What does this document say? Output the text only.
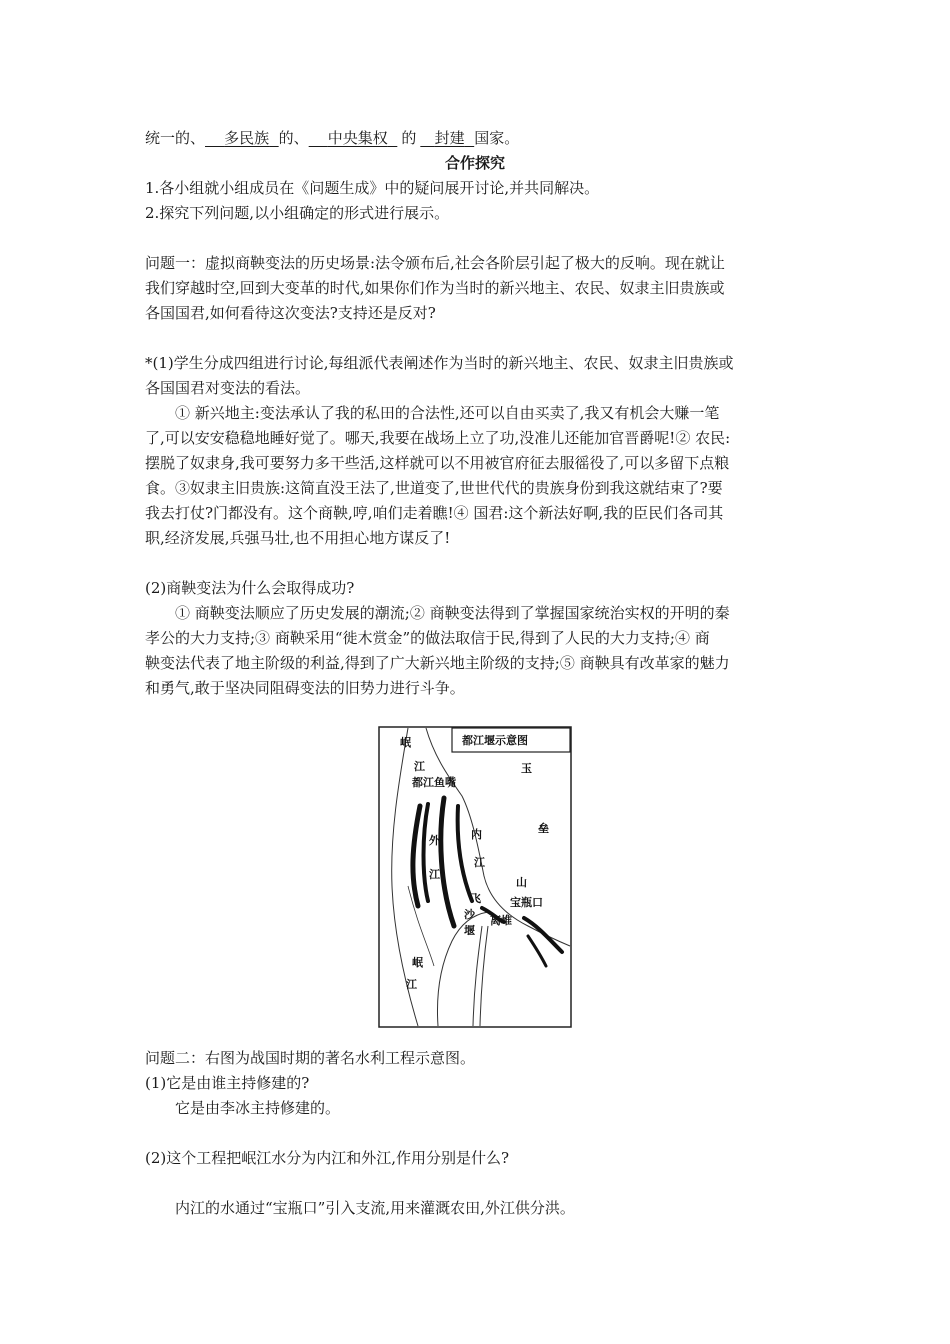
统一的、 多民族 的、 中央集权 的 封建 国家。
合作探究
1.各小组就小组成员在《问题生成》中的疑问展开讨论,并共同解决。
2.探究下列问题,以小组确定的形式进行展示。
问题一：虚拟商鞅变法的历史场景:法令颁布后,社会各阶层引起了极大的反响。现在就让
我们穿越时空,回到大变革的时代,如果你们作为当时的新兴地主、农民、奴隶主旧贵族或
各国国君,如何看待这次变法?支持还是反对?
*(1)学生分成四组进行讨论,每组派代表阐述作为当时的新兴地主、农民、奴隶主旧贵族或
各国国君对变法的看法。
① 新兴地主:变法承认了我的私田的合法性,还可以自由买卖了,我又有机会大赚一笔
了,可以安安稳稳地睡好觉了。哪天,我要在战场上立了功,没准儿还能加官晋爵呢!② 农民:
摆脱了奴隶身,我可要努力多干些活,这样就可以不用被官府征去服徭役了,可以多留下点粮
食。③奴隶主旧贵族:这简直没王法了,世道变了,世世代代的贵族身份到我这就结束了?要
我去打仗?门都没有。这个商鞅,哼,咱们走着瞧!④ 国君:这个新法好啊,我的臣民们各司其
职,经济发展,兵强马壮,也不用担心地方谋反了!
(2)商鞅变法为什么会取得成功?
① 商鞅变法顺应了历史发展的潮流;② 商鞅变法得到了掌握国家统治实权的开明的秦
孝公的大力支持;③ 商鞅采用“徙木赏金”的做法取信于民,得到了人民的大力支持;④ 商
鞅变法代表了地主阶级的利益,得到了广大新兴地主阶级的支持;⑤ 商鞅具有改革家的魅力
和勇气,敢于坚决同阻碍变法的旧势力进行斗争。
都江堰示意图
岷
江
都江鱼嘴
玉
垒
山
外
江
内
江
宝瓶口
飞
沙
堰
离堆
岷
江
问题二：右图为战国时期的著名水利工程示意图。
(1)它是由谁主持修建的?
它是由李冰主持修建的。
(2)这个工程把岷江水分为内江和外江,作用分别是什么?
内江的水通过“宝瓶口”引入支流,用来灌溉农田,外江供分洪。
